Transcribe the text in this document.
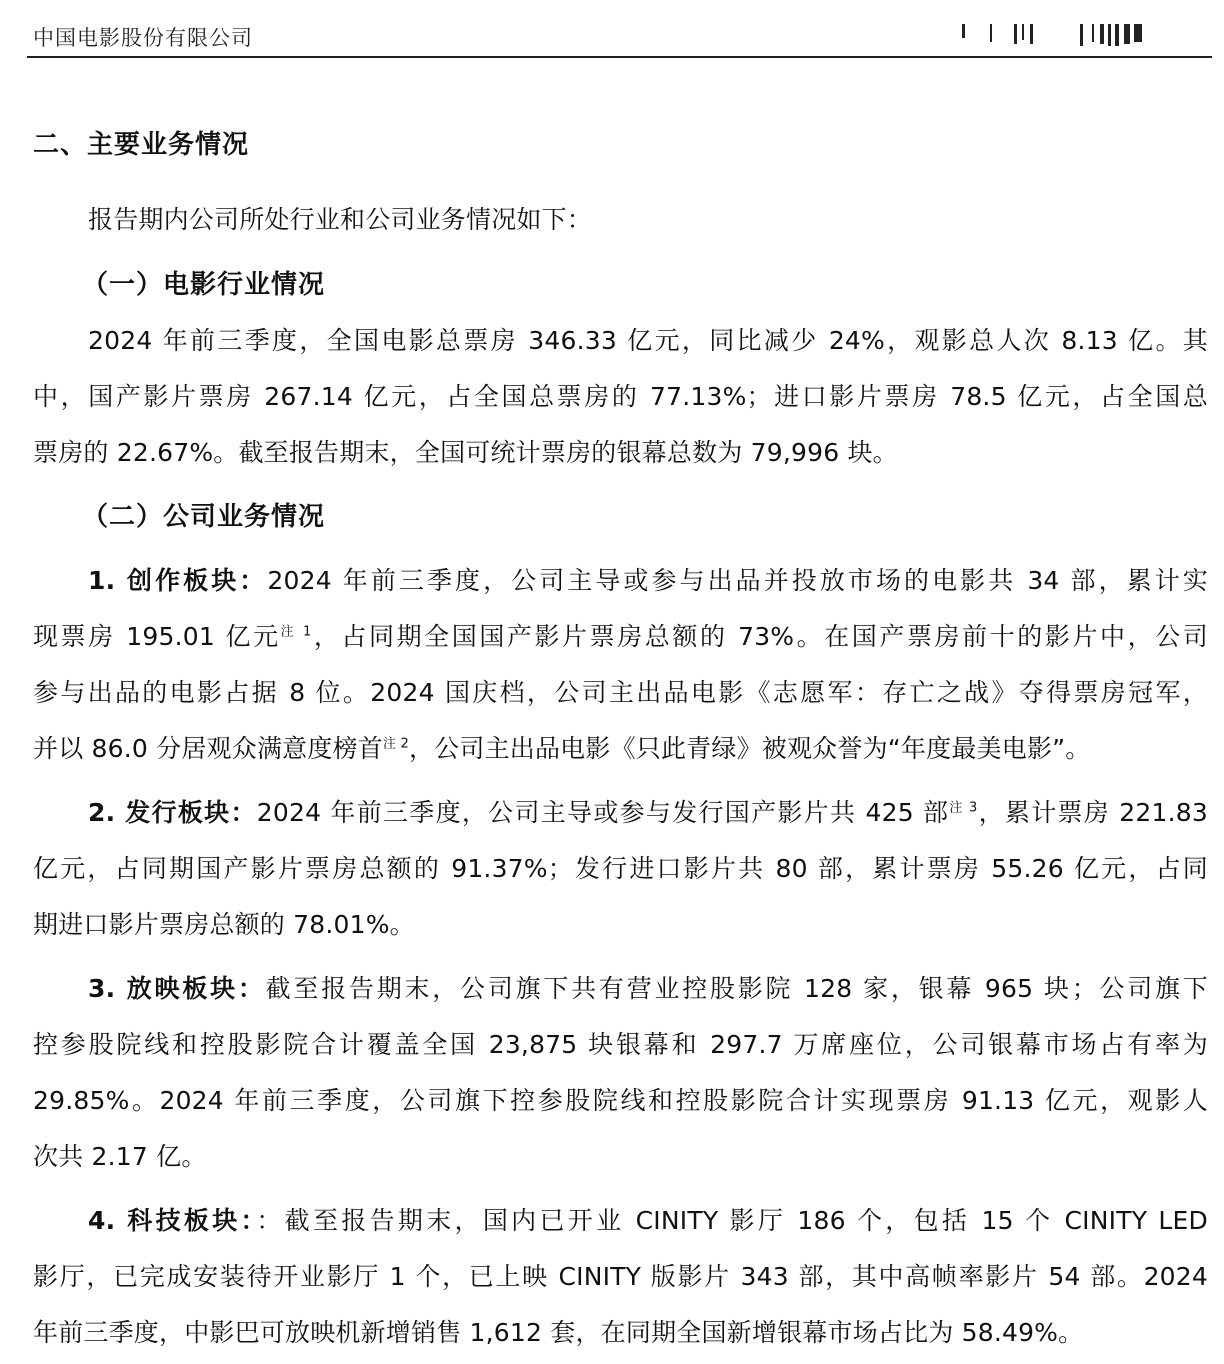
中国电影股份有限公司
二、主要业务情况
报告期内公司所处行业和公司业务情况如下：
（一）电影行业情况
2024 年前三季度，全国电影总票房 346.33 亿元，同比减少 24%，观影总人次 8.13 亿。其
中，国产影片票房 267.14 亿元，占全国总票房的 77.13%；进口影片票房 78.5 亿元，占全国总
票房的 22.67%。截至报告期末，全国可统计票房的银幕总数为 79,996 块。
（二）公司业务情况
1. 创作板块：2024 年前三季度，公司主导或参与出品并投放市场的电影共 34 部，累计实
现票房 195.01 亿元$^{注 1}$，占同期全国国产影片票房总额的 73%。在国产票房前十的影片中，公司
参与出品的电影占据 8 位。2024 国庆档，公司主出品电影《志愿军：存亡之战》夺得票房冠军，
并以 86.0 分居观众满意度榜首$^{注 2}$，公司主出品电影《只此青绿》被观众誉为“年度最美电影”。
2. 发行板块：2024 年前三季度，公司主导或参与发行国产影片共 425 部$^{注 3}$，累计票房 221.83
亿元，占同期国产影片票房总额的 91.37%；发行进口影片共 80 部，累计票房 55.26 亿元，占同
期进口影片票房总额的 78.01%。
3. 放映板块：截至报告期末，公司旗下共有营业控股影院 128 家，银幕 965 块；公司旗下
控参股院线和控股影院合计覆盖全国 23,875 块银幕和 297.7 万席座位，公司银幕市场占有率为
29.85%。2024 年前三季度，公司旗下控参股院线和控股影院合计实现票房 91.13 亿元，观影人
次共 2.17 亿。
4. 科技板块：：截至报告期末，国内已开业 CINITY 影厅 186 个，包括 15 个 CINITY LED
影厅，已完成安装待开业影厅 1 个，已上映 CINITY 版影片 343 部，其中高帧率影片 54 部。2024
年前三季度，中影巴可放映机新增销售 1,612 套，在同期全国新增银幕市场占比为 58.49%。
